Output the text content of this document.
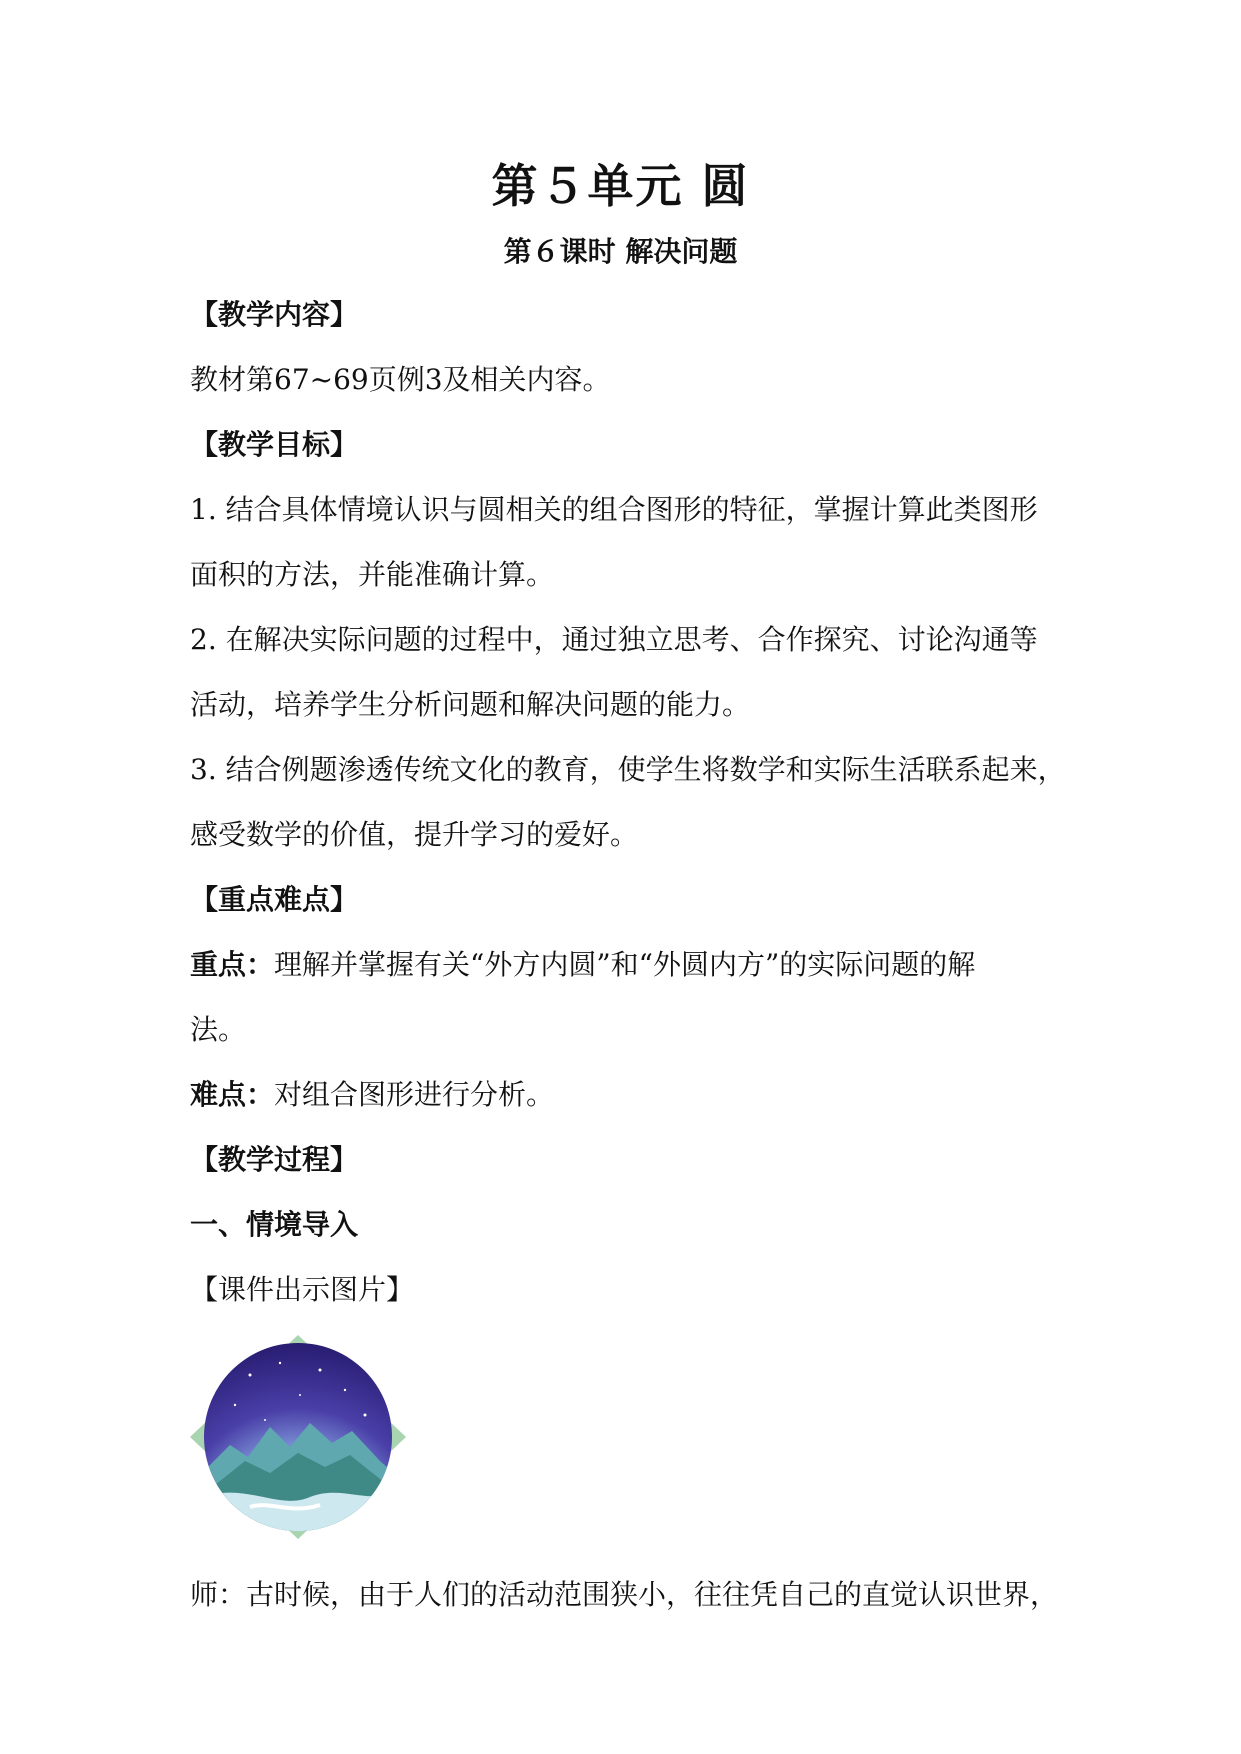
第５单元 圆
第６课时 解决问题
【教学内容】
教材第67~69页例3及相关内容。
【教学目标】
1. 结合具体情境认识与圆相关的组合图形的特征，掌握计算此类图形
面积的方法，并能准确计算。
2. 在解决实际问题的过程中，通过独立思考、合作探究、讨论沟通等
活动，培养学生分析问题和解决问题的能力。
3. 结合例题渗透传统文化的教育，使学生将数学和实际生活联系起来，
感受数学的价值，提升学习的爱好。
【重点难点】
重点：理解并掌握有关“外方内圆”和“外圆内方”的实际问题的解
法。
难点：对组合图形进行分析。
【教学过程】
一、情境导入
【课件出示图片】
师：古时候，由于人们的活动范围狭小，往往凭自己的直觉认识世界，
